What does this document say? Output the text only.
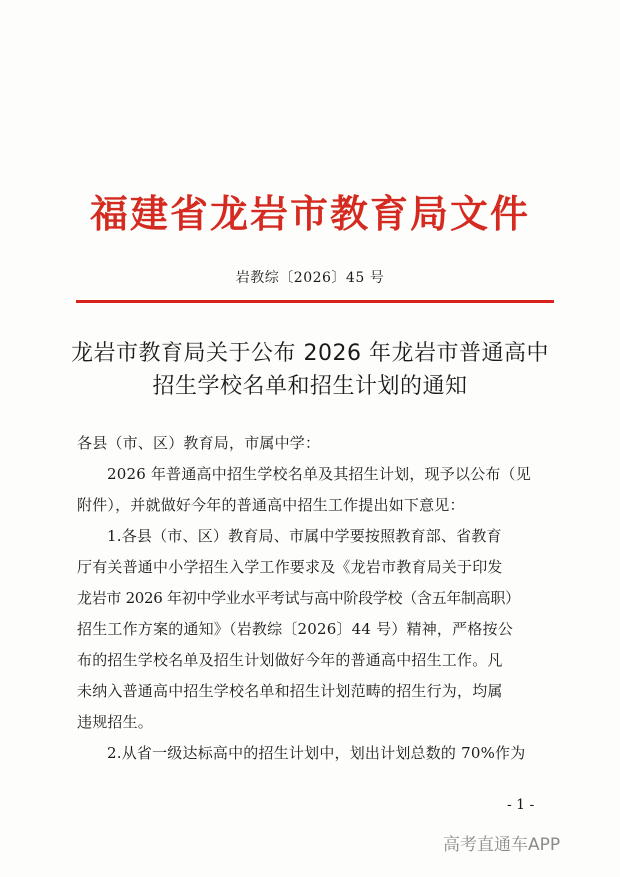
福建省龙岩市教育局文件
岩教综〔2026〕45 号
龙岩市教育局关于公布 2026 年龙岩市普通高中
招生学校名单和招生计划的通知
各县（市、区）教育局，市属中学：
2026 年普通高中招生学校名单及其招生计划，现予以公布（见
附件），并就做好今年的普通高中招生工作提出如下意见：
1.各县（市、区）教育局、市属中学要按照教育部、省教育
厅有关普通中小学招生入学工作要求及《龙岩市教育局关于印发
龙岩市 2026 年初中学业水平考试与高中阶段学校（含五年制高职）
招生工作方案的通知》（岩教综〔2026〕44 号）精神，严格按公
布的招生学校名单及招生计划做好今年的普通高中招生工作。凡
未纳入普通高中招生学校名单和招生计划范畴的招生行为，均属
违规招生。
2.从省一级达标高中的招生计划中，划出计划总数的 70%作为
- 1 -
高考直通车APP
